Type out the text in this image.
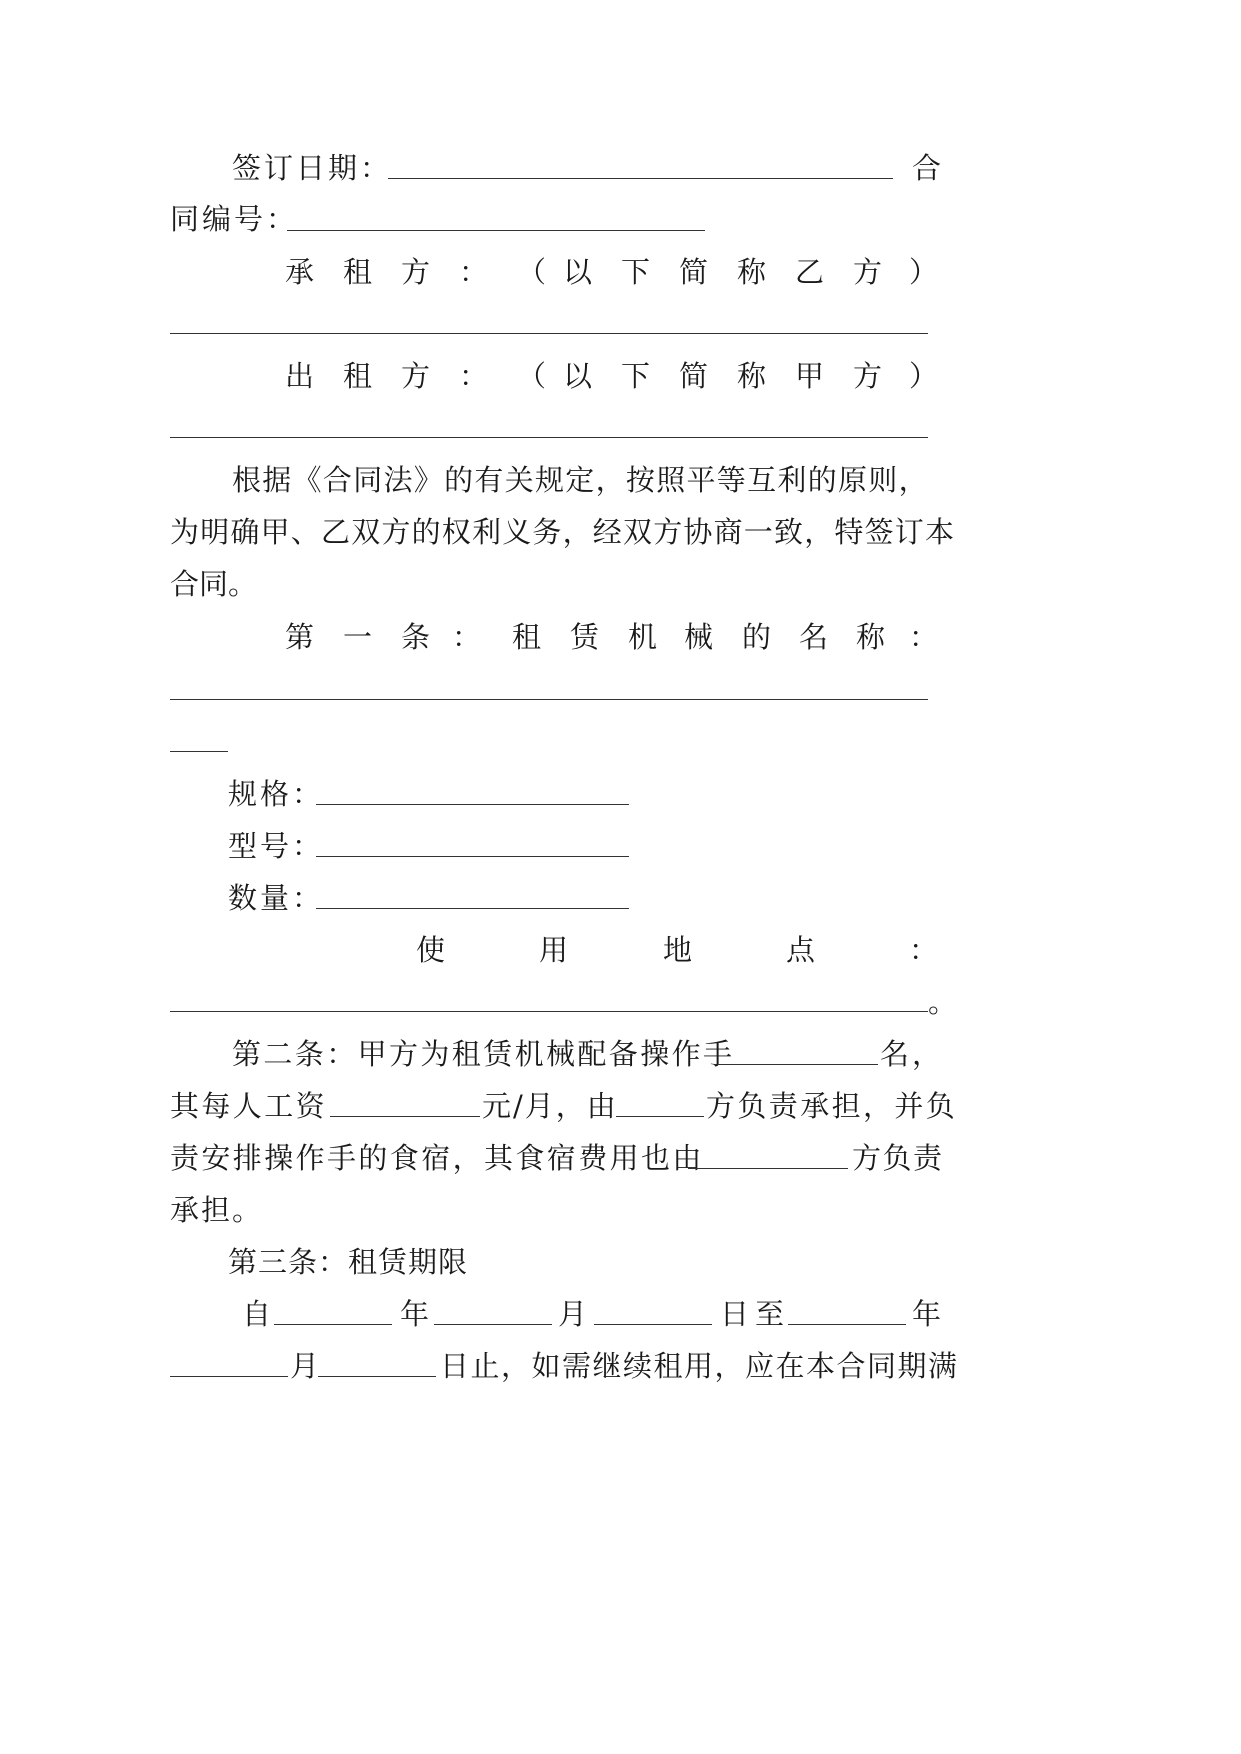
签订日期：	合
同编号：
承 租 方 ： （ 以 下 简 称 乙 方 ）
出 租 方 ： （ 以 下 简 称 甲 方 ）
根据《合同法》的有关规定，按照平等互利的原则，
为明确甲、乙双方的权利义务，经双方协商一致，特签订本
合同。
第 一 条 ： 租 赁 机 械 的 名 称 ：
规格：
型号：
数量：
使	用	地	点	：
。
第二条：甲方为租赁机械配备操作手	名，
其每人工资	元/月，由	方负责承担，并负
责安排操作手的食宿，其食宿费用也由	方负责
承担。
第三条：租赁期限
自	年	月	日至	年
月	日止，如需继续租用，应在本合同期满
